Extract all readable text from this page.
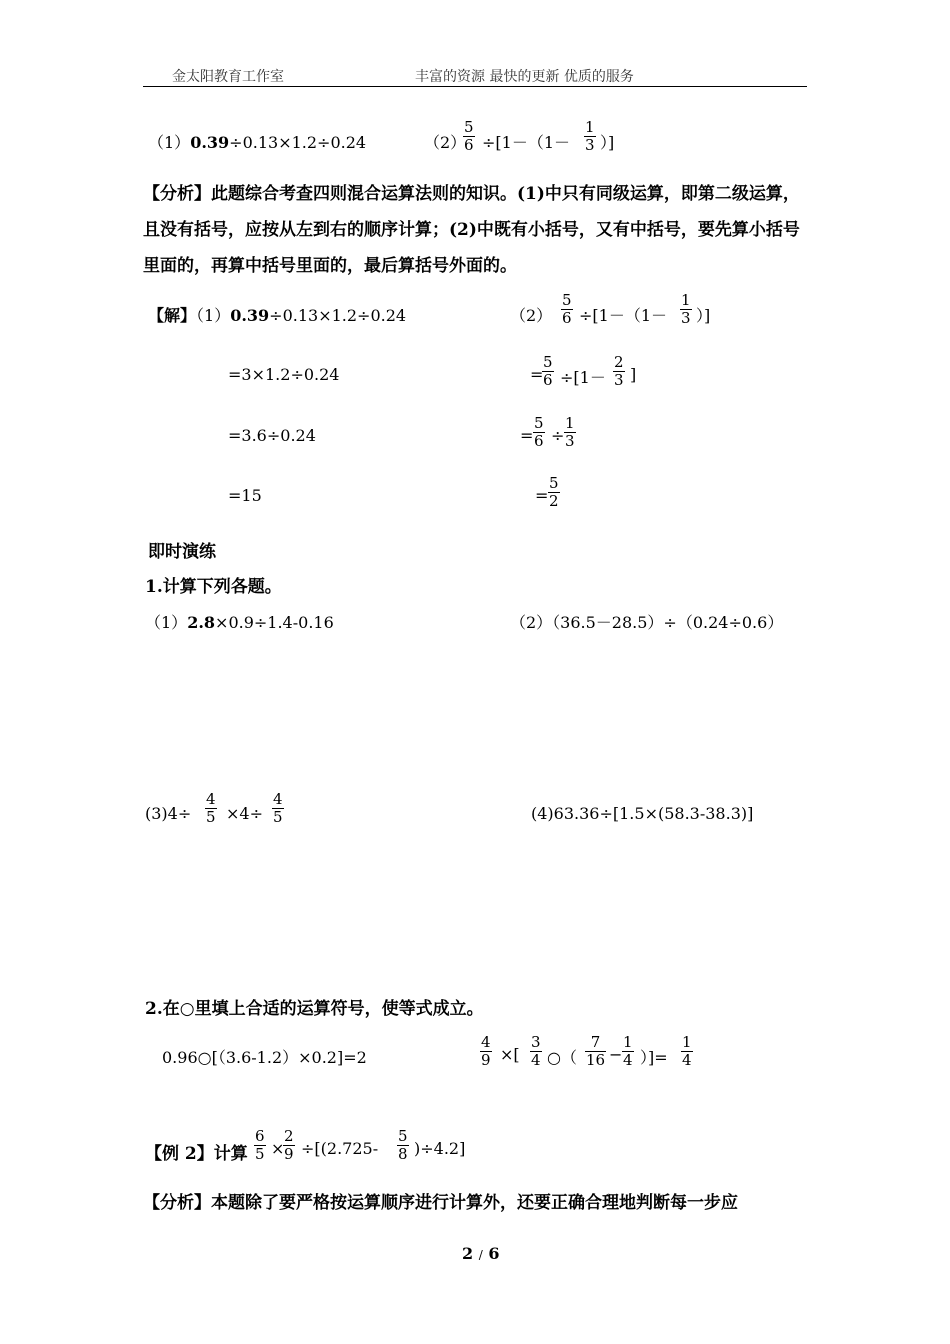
金太阳教育工作室	丰富的资源 最快的更新 优质的服务
（1）0.39÷0.13×1.2÷0.24	（2）
$\frac{5}{6} \div[1-(1- \frac{1}{3}$ ）]
【分析】此题综合考查四则混合运算法则的知识。(1)中只有同级运算，即第二级运算，且没有括号，应按从左到右的顺序计算；(2)中既有小括号，又有中括号，要先算小括号里面的，再算中括号里面的，最后算括号外面的。
【解】（1）0.39÷0.13×1.2÷0.24	$(2) \frac{5}{6} \div[1-(1- \frac{1}{3}$ ）]
=3×1.2÷0.24
=3.6÷0.24
=15
=
$\frac{5}{6} \div[1- \frac{2}{3}$ ]
= $\frac{5}{6} \div \frac{1}{3}$
= $\frac{5}{2}$
即时演练
1.计算下列各题。
（1）2.8×0.9÷1.4-0.16	（2）（36.5－28.5）÷（0.24÷0.6）
$(3)4\div \frac{4}{5} \times 4\div \frac{4}{5}$	(4)63.36÷[1.5×(58.3-38.3)]
2.在○里填上合适的运算符号，使等式成立。
0.96○[（3.6-1.2）×0.2]=2	$\frac{4}{9}$ ×[ $\frac{3}{4}$ ○（ $\frac{7}{16} - \frac{1}{4}$ ）]= $\frac{1}{4}$
【例 2】计算 $\frac{6}{5}$ ×
$\frac{2}{9} \div[(2.725- \frac{5}{8} )\div 4.2]$
【分析】本题除了要严格按运算顺序进行计算外，还要正确合理地判断每一步应
2 / 6
